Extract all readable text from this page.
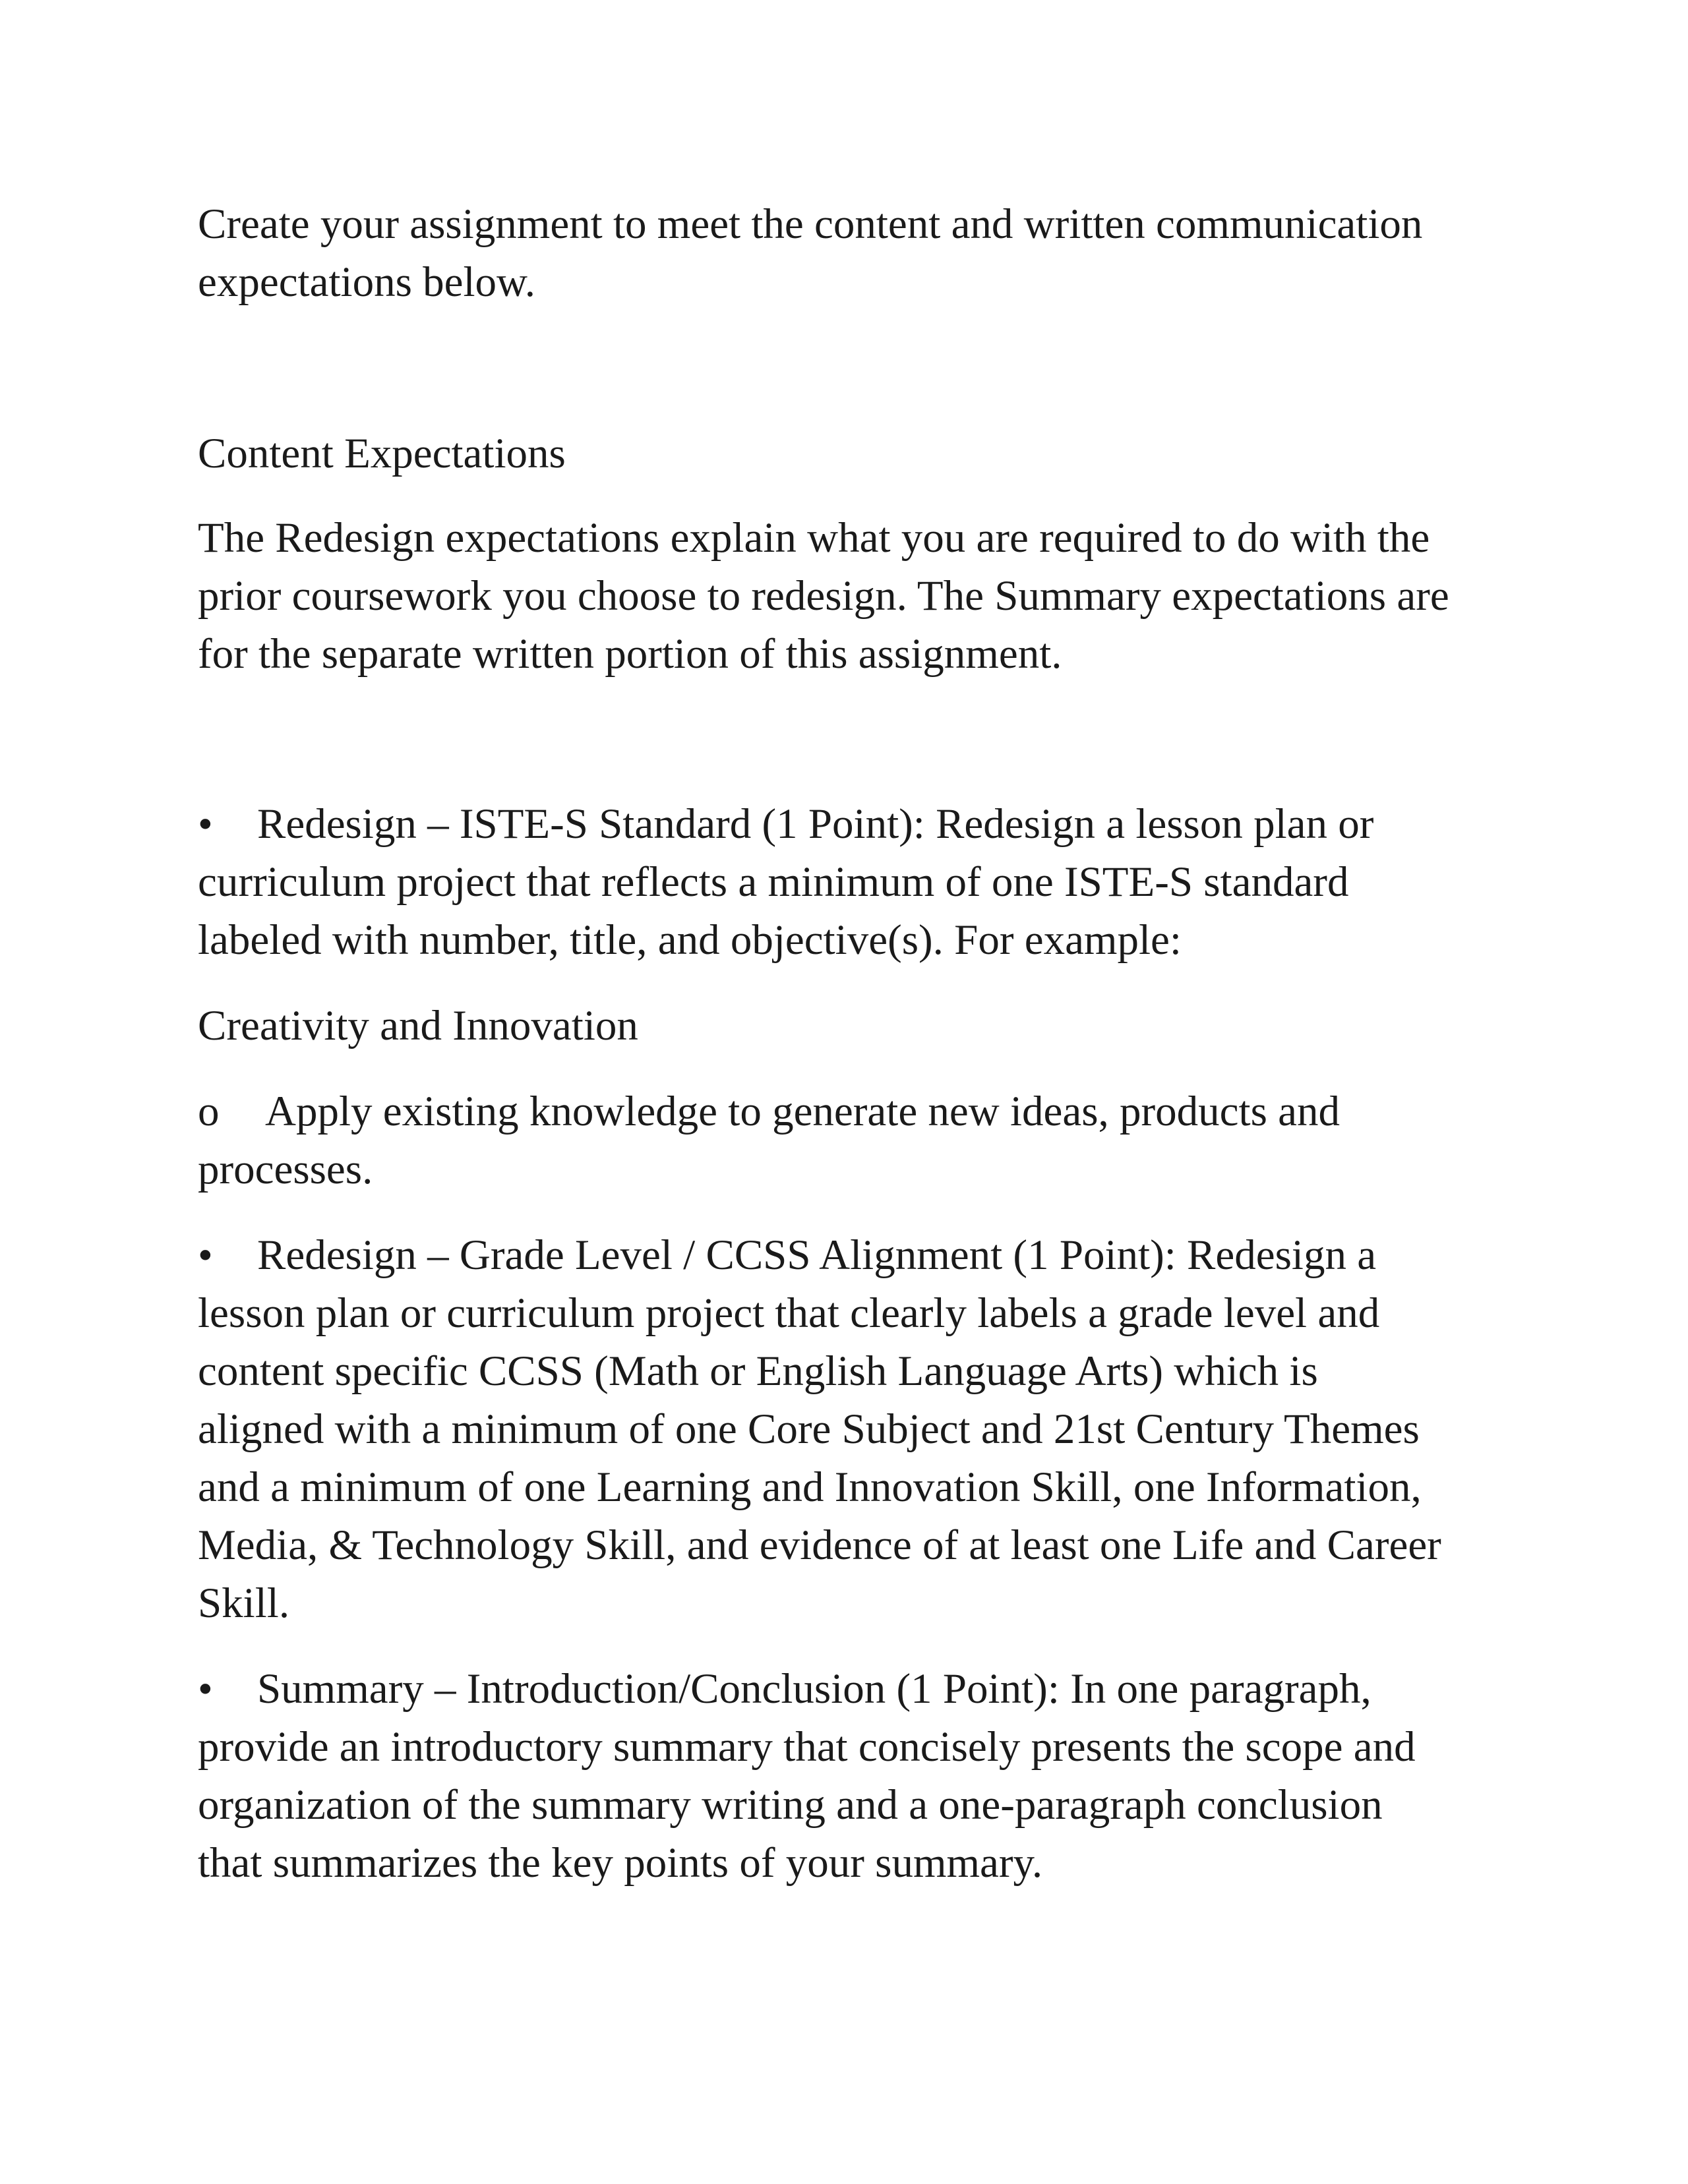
Create your assignment to meet the content and written communication
expectations below.
Content Expectations
The Redesign expectations explain what you are required to do with the
prior coursework you choose to redesign. The Summary expectations are
for the separate written portion of this assignment.
• Redesign – ISTE-S Standard (1 Point): Redesign a lesson plan or
curriculum project that reflects a minimum of one ISTE-S standard
labeled with number, title, and objective(s). For example:
Creativity and Innovation
o Apply existing knowledge to generate new ideas, products and
processes.
• Redesign – Grade Level / CCSS Alignment (1 Point): Redesign a
lesson plan or curriculum project that clearly labels a grade level and
content specific CCSS (Math or English Language Arts) which is
aligned with a minimum of one Core Subject and 21st Century Themes
and a minimum of one Learning and Innovation Skill, one Information,
Media, & Technology Skill, and evidence of at least one Life and Career
Skill.
• Summary – Introduction/Conclusion (1 Point): In one paragraph,
provide an introductory summary that concisely presents the scope and
organization of the summary writing and a one-paragraph conclusion
that summarizes the key points of your summary.
